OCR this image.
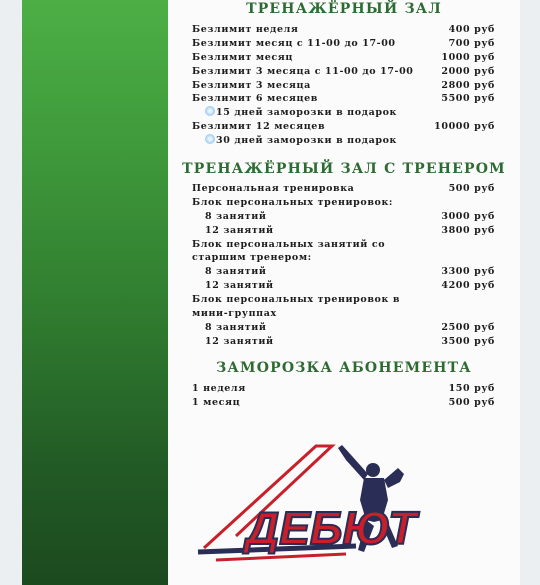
ТРЕНАЖЁРНЫЙ ЗАЛ
Безлимит неделя	400 руб
Безлимит месяц с 11-00 до 17-00	700 руб
Безлимит месяц	1000 руб
Безлимит 3 месяца с 11-00 до 17-00	2000 руб
Безлимит 3 месяца	2800 руб
Безлимит 6 месяцев	5500 руб
15 дней заморозки в подарок
Безлимит 12 месяцев	10000 руб
30 дней заморозки в подарок
ТРЕНАЖЁРНЫЙ ЗАЛ С ТРЕНЕРОМ
Персональная тренировка	500 руб
Блок персональных тренировок:
8 занятий	3000 руб
12 занятий	3800 руб
Блок персональных занятий со
старшим тренером:
8 занятий	3300 руб
12 занятий	4200 руб
Блок персональных тренировок в
мини-группах
8 занятий	2500 руб
12 занятий	3500 руб
ЗАМОРОЗКА АБОНЕМЕНТА
1 неделя	150 руб
1 месяц	500 руб
ДЕБЮТ
